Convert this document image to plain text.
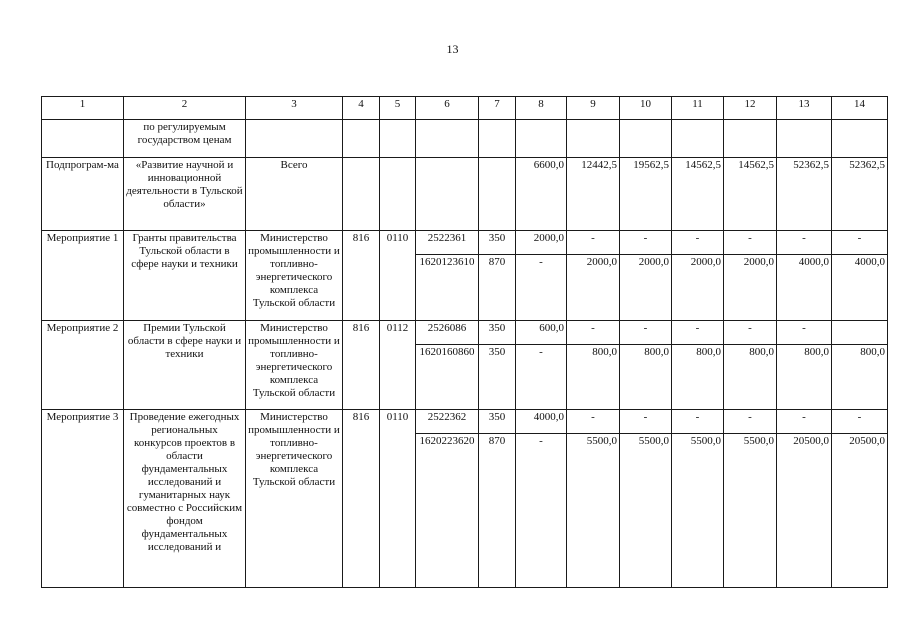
13
1	2	3	4	5	6	7	8	9	10	11	12	13	14
	по регулируемым государством ценам												
Подпрограм-ма	«Развитие научной и инновационной деятельности в Тульской области»	Всего					6600,0	12442,5	19562,5	14562,5	14562,5	52362,5	52362,5
Мероприятие 1	Гранты правительства Тульской области в сфере науки и техники	Министерство промышленности и топливно-энергетического комплекса Тульской области	816	0110	2522361	350	2000,0	-	-	-	-	-	-
					1620123610	870	-	2000,0	2000,0	2000,0	2000,0	4000,0	4000,0
Мероприятие 2	Премии Тульской области в сфере науки и техники	Министерство промышленности и топливно-энергетического комплекса Тульской области	816	0112	2526086	350	600,0	-	-	-	-	-	
					1620160860	350	-	800,0	800,0	800,0	800,0	800,0	800,0
Мероприятие 3	Проведение ежегодных региональных конкурсов проектов в области фундаментальных исследований и гуманитарных наук совместно с Российским фондом фундаментальных исследований и	Министерство промышленности и топливно-энергетического комплекса Тульской области	816	0110	2522362	350	4000,0	-	-	-	-	-	-
					1620223620	870	-	5500,0	5500,0	5500,0	5500,0	20500,0	20500,0
